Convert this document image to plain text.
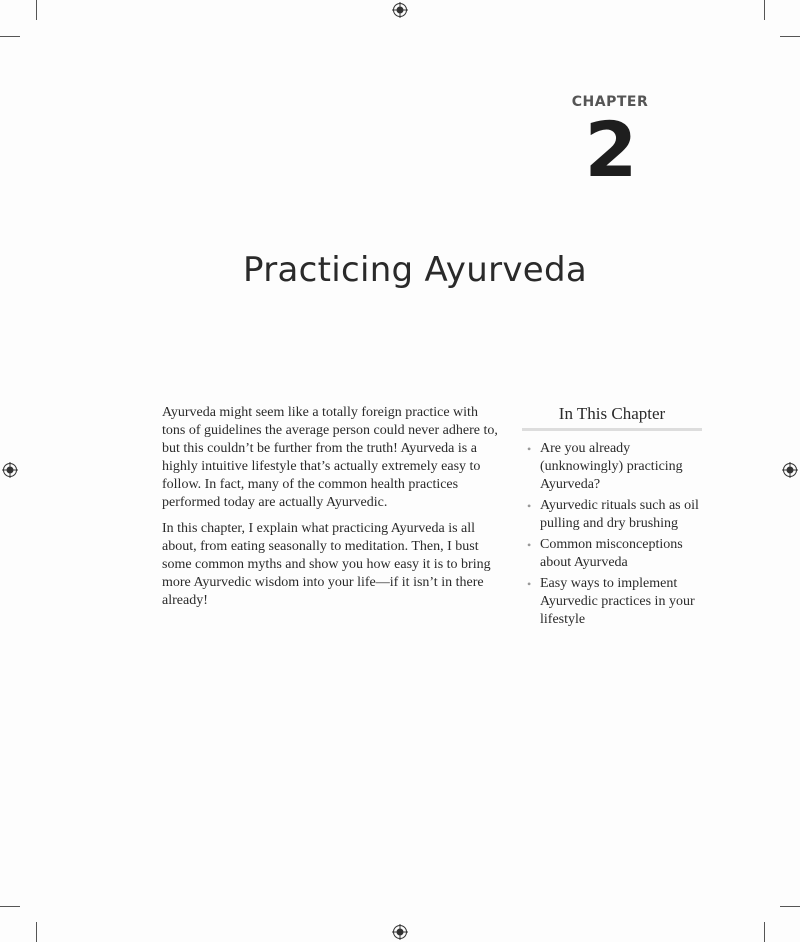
CHAPTER
2
Practicing Ayurveda

Ayurveda might seem like a totally foreign practice with tons of guidelines the average person could never adhere to, but this couldn’t be further from the truth! Ayurveda is a highly intuitive lifestyle that’s actually extremely easy to follow. In fact, many of the common health practices performed today are actually Ayurvedic.

In this chapter, I explain what practicing Ayurveda is all about, from eating seasonally to meditation. Then, I bust some common myths and show you how easy it is to bring more Ayurvedic wisdom into your life—if it isn’t in there already!

In This Chapter
• Are you already (unknowingly) practicing Ayurveda?
• Ayurvedic rituals such as oil pulling and dry brushing
• Common misconceptions about Ayurveda
• Easy ways to implement Ayurvedic practices in your lifestyle
